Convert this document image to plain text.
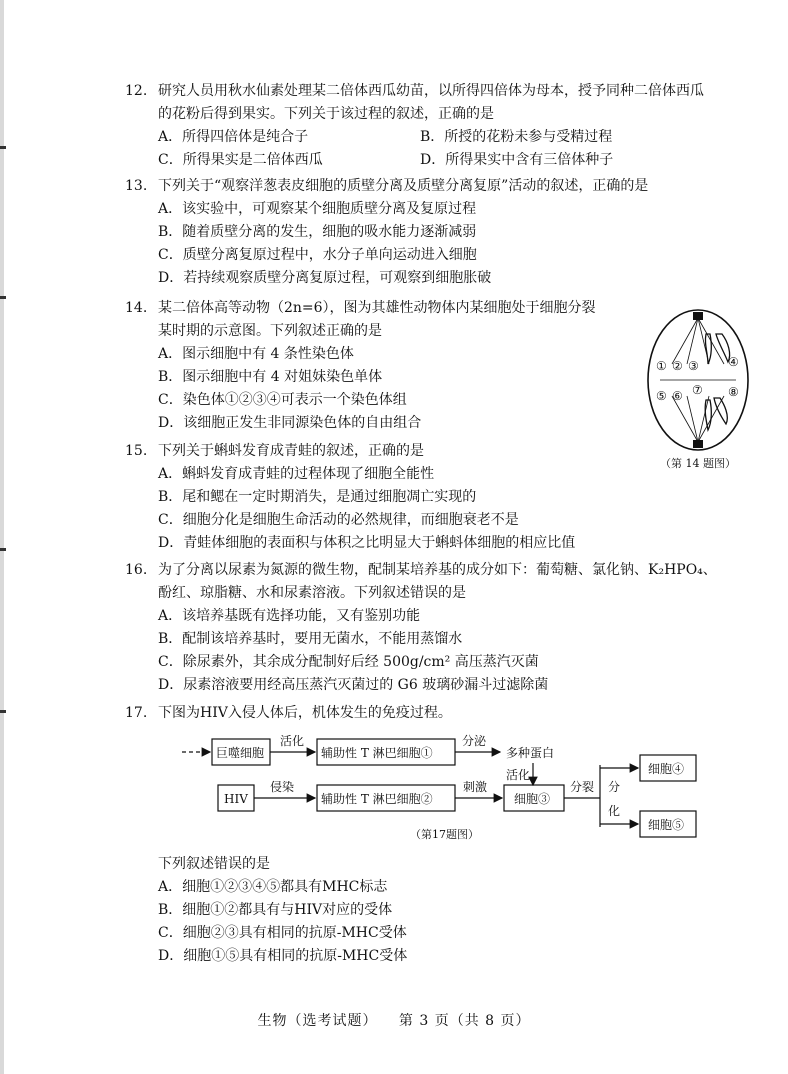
12. 研究人员用秋水仙素处理某二倍体西瓜幼苗，以所得四倍体为母本，授予同种二倍体西瓜
的花粉后得到果实。下列关于该过程的叙述，正确的是
A．所得四倍体是纯合子	B．所授的花粉未参与受精过程
C．所得果实是二倍体西瓜	D．所得果实中含有三倍体种子
13. 下列关于“观察洋葱表皮细胞的质壁分离及质壁分离复原”活动的叙述，正确的是
A．该实验中，可观察某个细胞质壁分离及复原过程
B．随着质壁分离的发生，细胞的吸水能力逐渐减弱
C．质壁分离复原过程中，水分子单向运动进入细胞
D．若持续观察质壁分离复原过程，可观察到细胞胀破
14. 某二倍体高等动物（2n=6），图为其雄性动物体内某细胞处于细胞分裂
某时期的示意图。下列叙述正确的是
A．图示细胞中有 4 条性染色体
B．图示细胞中有 4 对姐妹染色单体
C．染色体①②③④可表示一个染色体组
D．该细胞正发生非同源染色体的自由组合
① ② ③ ④
⑤ ⑥ ⑦ ⑧
（第 14 题图）
15. 下列关于蝌蚪发育成青蛙的叙述，正确的是
A．蝌蚪发育成青蛙的过程体现了细胞全能性
B．尾和鳃在一定时期消失，是通过细胞凋亡实现的
C．细胞分化是细胞生命活动的必然规律，而细胞衰老不是
D．青蛙体细胞的表面积与体积之比明显大于蝌蚪体细胞的相应比值
16. 为了分离以尿素为氮源的微生物，配制某培养基的成分如下：葡萄糖、氯化钠、K₂HPO₄、
酚红、琼脂糖、水和尿素溶液。下列叙述错误的是
A．该培养基既有选择功能，又有鉴别功能
B．配制该培养基时，要用无菌水，不能用蒸馏水
C．除尿素外，其余成分配制好后经 500g/cm² 高压蒸汽灭菌
D．尿素溶液要用经高压蒸汽灭菌过的 G6 玻璃砂漏斗过滤除菌
17. 下图为HIV入侵人体后，机体发生的免疫过程。
巨噬细胞
活化
辅助性 T 淋巴细胞①
分泌
多种蛋白
活化
HIV
侵染
辅助性 T 淋巴细胞②
刺激
细胞③
分裂 分
化
细胞④
细胞⑤
（第17题图）
下列叙述错误的是
A．细胞①②③④⑤都具有MHC标志
B．细胞①②都具有与HIV对应的受体
C．细胞②③具有相同的抗原-MHC受体
D．细胞①⑤具有相同的抗原-MHC受体
生物（选考试题） 第 3 页（共 8 页）
